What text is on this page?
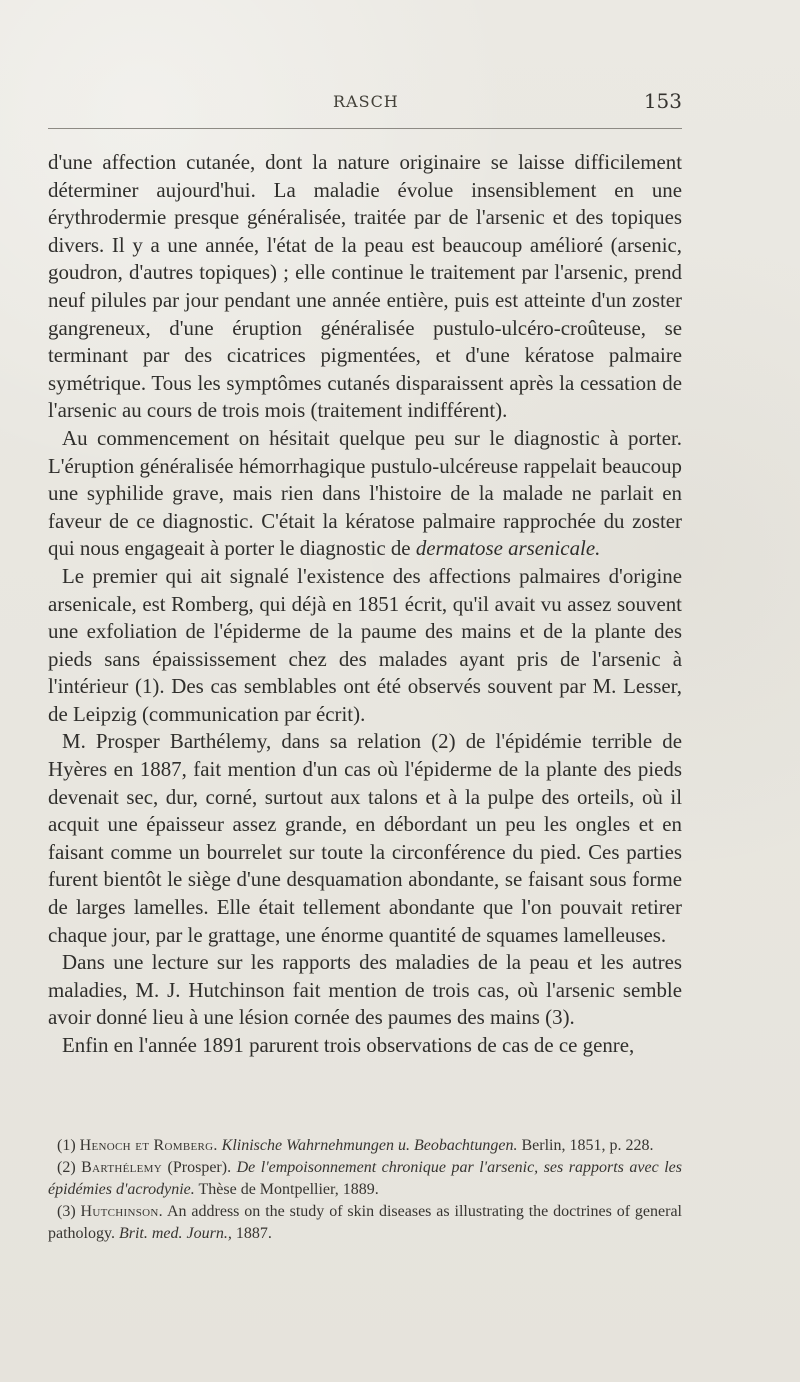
RASCH	153

d'une affection cutanée, dont la nature originaire se laisse difficilement déterminer aujourd'hui. La maladie évolue insensiblement en une érythrodermie presque généralisée, traitée par de l'arsenic et des topiques divers. Il y a une année, l'état de la peau est beaucoup amélioré (arsenic, goudron, d'autres topiques) ; elle continue le traitement par l'arsenic, prend neuf pilules par jour pendant une année entière, puis est atteinte d'un zoster gangreneux, d'une éruption généralisée pustulo-ulcéro-croûteuse, se terminant par des cicatrices pigmentées, et d'une kératose palmaire symétrique. Tous les symptômes cutanés disparaissent après la cessation de l'arsenic au cours de trois mois (traitement indifférent).

Au commencement on hésitait quelque peu sur le diagnostic à porter. L'éruption généralisée hémorrhagique pustulo-ulcéreuse rappelait beaucoup une syphilide grave, mais rien dans l'histoire de la malade ne parlait en faveur de ce diagnostic. C'était la kératose palmaire rapprochée du zoster qui nous engageait à porter le diagnostic de dermatose arsenicale.

Le premier qui ait signalé l'existence des affections palmaires d'origine arsenicale, est Romberg, qui déjà en 1851 écrit, qu'il avait vu assez souvent une exfoliation de l'épiderme de la paume des mains et de la plante des pieds sans épaississement chez des malades ayant pris de l'arsenic à l'intérieur (1). Des cas semblables ont été observés souvent par M. Lesser, de Leipzig (communication par écrit).

M. Prosper Barthélemy, dans sa relation (2) de l'épidémie terrible de Hyères en 1887, fait mention d'un cas où l'épiderme de la plante des pieds devenait sec, dur, corné, surtout aux talons et à la pulpe des orteils, où il acquit une épaisseur assez grande, en débordant un peu les ongles et en faisant comme un bourrelet sur toute la circonférence du pied. Ces parties furent bientôt le siège d'une desquamation abondante, se faisant sous forme de larges lamelles. Elle était tellement abondante que l'on pouvait retirer chaque jour, par le grattage, une énorme quantité de squames lamelleuses.

Dans une lecture sur les rapports des maladies de la peau et les autres maladies, M. J. Hutchinson fait mention de trois cas, où l'arsenic semble avoir donné lieu à une lésion cornée des paumes des mains (3).

Enfin en l'année 1891 parurent trois observations de cas de ce genre,

(1) Henoch et Romberg. Klinische Wahrnehmungen u. Beobachtungen. Berlin, 1851, p. 228.

(2) Barthélemy (Prosper). De l'empoisonnement chronique par l'arsenic, ses rapports avec les épidémies d'acrodynie. Thèse de Montpellier, 1889.

(3) Hutchinson. An address on the study of skin diseases as illustrating the doctrines of general pathology. Brit. med. Journ., 1887.
